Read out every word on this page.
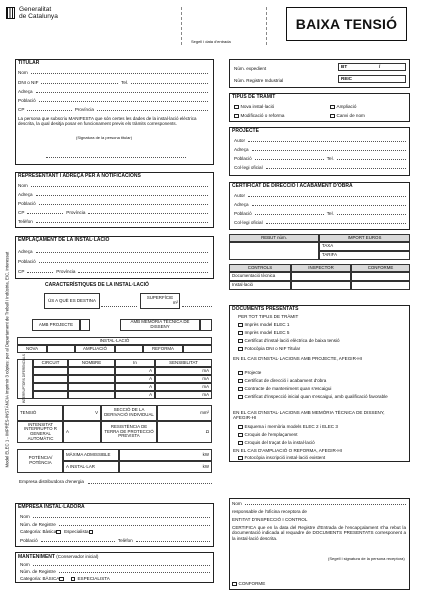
Generalitat
de Catalunya
Segell i data d'entrada
BAIXA TENSIÓ
Model ELEC 1 - IMPRÈS-INSTÀNCIA Imprimir 3 còpies: per al Departament de Treball i Indústria, EIC, interessat
TITULAR
Nom
DNI o NIF	Tel.
Adreça
Població
CP	Província
La persona que subscriu MANIFESTA que són certes les dades de la instal·lació elèctrica descrita, la qual desitja posar en funcionament previs els tràmits corresponents.
(Signatura de la persona titular)
Núm. expedient	BT	/
Núm. Registre Industrial	REIC
TIPUS DE TRÀMIT
Nova instal·lació	Ampliació
Modificació o reforma	Canvi de nom
PROJECTE
Autor
Adreça
Població	Tel.
Col·legi oficial
REPRESENTANT I ADREÇA PER A NOTIFICACIONS
Nom
Adreça
Població
CP	Província
Telèfon
CERTIFICAT DE DIRECCIÓ I ACABAMENT D'OBRA
Autor
Adreça
Població	Tel.
Col·legi oficial
REBUT núm.	IMPORT EUROS
TAXA
TARIFA
CONTROLS	INSPECTOR	CONFORME
Documentació tècnica
Instal·lació
EMPLAÇAMENT DE LA INSTAL·LACIÓ
Adreça
Població
CP	Província
CARACTERÍSTIQUES DE LA INSTAL·LACIÓ
ÚS A QUÈ ES DESTINA	SUPERFÍCIE
m²
AMB PROJECTE	AMB MEMÒRIA TÈCNICA DE DISSENY
INSTAL·LACIÓ
NOVA	AMPLIACIÓ	REFORMA
INTERRUPTORS DIFERENCIALS	CIRCUIT	NOMBRE	In	SENSIBILITAT
A	mA
A	mA
A	mA
A	mA
TENSIÓ	V	SECCIÓ DE LA DERIVACIÓ INDIVIDUAL	mm²
INTENSITAT INTERRUPTO R GENERAL AUTOMÀTIC
A
RESISTÈNCIA DE TERRA DE PROTECCIÓ PREVISTA
Ω
POTÈNCIA/ POTÈNCIA
MÀXIMA ADMISSIBLE	kW
A INSTAL·LAR	kW
Empresa distribuïdora d'energia
DOCUMENTS PRESENTATS
PER TOT TIPUS DE TRÀMIT
Imprès model ELEC 1
Imprès model ELEC 5
Certificat d'instal·lació elèctrica de baixa tensió
Fotocòpia DNI o NIF Titular
EN EL CAS D'INSTAL·LACIONS AMB PROJECTE, AFEGIR-HI
Projecte
Certificat de direcció i acabament d'obra
Contracte de manteniment quan s'escaigui
Certificat d'inspecció inicial quan s'escaigui, amb qualificació favorable
EN EL CAS D'INSTAL·LACIONS AMB MEMÒRIA TÈCNICA DE DISSENY, AFEGIR-HI
Esquema i memòria models ELEC 2 i ELEC 3
Croquis de l'emplaçament
Croquis del traçat de la instal·lació
EN EL CAS D'AMPLIACIÓ O REFORMA, AFEGIR-HI
Fotocòpia inscripció instal·lació existent
EMPRESA INSTAL·LADORA
Nom
Núm. de Registre
Categoria: Bàsica Especialista
Població	Telèfon
MANTENIMENT (Conservador inicial)
Nom
Núm. de Registre
Categoria: BÀSICA	ESPECIALISTA
Nom
responsable de l'oficina receptora de
ENTITAT D'INSPECCIÓ I CONTROL
CERTIFICA que en la data del Registre d'Entrada de l'encapçalament s'ha rebut la documentació indicada al requadre de DOCUMENTS PRESENTATS corresponent a la instal·lació descrita.
(Segell i signatura de la persona receptora)
CONFORME
